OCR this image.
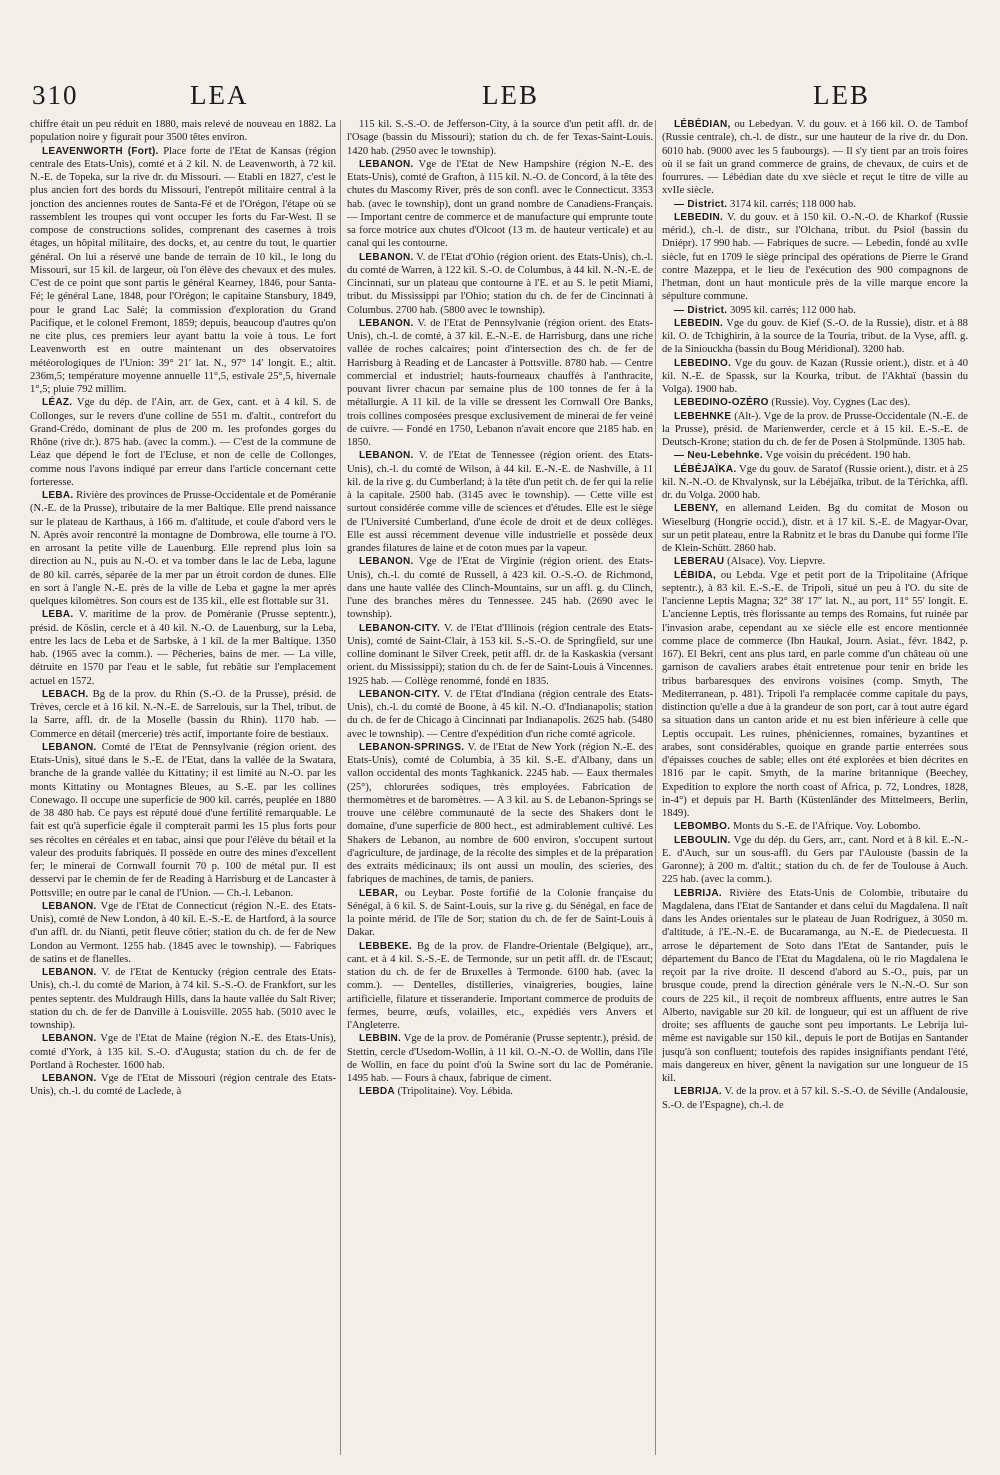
310	LEA	LEB	LEB

chiffre était un peu réduit en 1880, mais relevé de nouveau en 1882. La population noire y figurait pour 3500 têtes environ.

LEAVENWORTH (Fort). Place forte de l'Etat de Kansas (région centrale des Etats-Unis), comté et à 2 kil. N. de Leavenworth, à 72 kil. N.-E. de Topeka, sur la rive dr. du Missouri. — Etabli en 1827, c'est le plus ancien fort des bords du Missouri, l'entrepôt militaire central à la jonction des anciennes routes de Santa-Fé et de l'Orégon, l'étape où se rassemblent les troupes qui vont occuper les forts du Far-West. Il se compose de constructions solides, comprenant des casernes à trois étages, un hôpital militaire, des docks, et, au centre du tout, le quartier général. On lui a réservé une bande de terrain de 10 kil., le long du Missouri, sur 15 kil. de largeur, où l'on élève des chevaux et des mules. C'est de ce point que sont partis le général Kearney, 1846, pour Santa-Fé; le général Lane, 1848, pour l'Orégon; le capitaine Stansbury, 1849, pour le grand Lac Salé; la commission d'exploration du Grand Pacifique, et le colonel Fremont, 1859; depuis, beaucoup d'autres qu'on ne cite plus, ces premiers leur ayant battu la voie à tous. Le fort Leavenworth est en outre maintenant un des observatoires météorologiques de l'Union: 39° 21′ lat. N., 97° 14′ longit. E.; altit. 236m,5; température moyenne annuelle 11°,5, estivale 25°,5, hivernale 1°,5; pluie 792 millim.

LÉAZ. Vge du dép. de l'Ain, arr. de Gex, cant. et à 4 kil. S. de Collonges, sur le revers d'une colline de 551 m. d'altit., contrefort du Grand-Crédo, dominant de plus de 200 m. les profondes gorges du Rhône (rive dr.). 875 hab. (avec la comm.). — C'est de la commune de Léaz que dépend le fort de l'Ecluse, et non de celle de Collonges, comme nous l'avons indiqué par erreur dans l'article concernant cette forteresse.

LEBA. Rivière des provinces de Prusse-Occidentale et de Poméranie (N.-E. de la Prusse), tributaire de la mer Baltique. Elle prend naissance sur le plateau de Karthaus, à 166 m. d'altitude, et coule d'abord vers le N. Après avoir rencontré la montagne de Dombrowa, elle tourne à l'O. en arrosant la petite ville de Lauenburg. Elle reprend plus loin sa direction au N., puis au N.-O. et va tomber dans le lac de Leba, lagune de 80 kil. carrés, séparée de la mer par un étroit cordon de dunes. Elle en sort à l'angle N.-E. près de la ville de Leba et gagne la mer après quelques kilomètres. Son cours est de 135 kil., elle est flottable sur 31.

LEBA. V. maritime de la prov. de Poméranie (Prusse septentr.), présid. de Köslin, cercle et à 40 kil. N.-O. de Lauenburg, sur la Leba, entre les lacs de Leba et de Sarbske, à 1 kil. de la mer Baltique. 1350 hab. (1965 avec la comm.). — Pêcheries, bains de mer. — La ville, détruite en 1570 par l'eau et le sable, fut rebâtie sur l'emplacement actuel en 1572.

LEBACH. Bg de la prov. du Rhin (S.-O. de la Prusse), présid. de Trèves, cercle et à 16 kil. N.-N.-E. de Sarrelouis, sur la Thel, tribut. de la Sarre, affl. dr. de la Moselle (bassin du Rhin). 1170 hab. — Commerce en détail (mercerie) très actif, importante foire de bestiaux.

LEBANON. Comté de l'Etat de Pennsylvanie (région orient. des Etats-Unis), situé dans le S.-E. de l'Etat, dans la vallée de la Swatara, branche de la grande vallée du Kittatiny; il est limité au N.-O. par les monts Kittatiny ou Montagnes Bleues, au S.-E. par les collines Conewago. Il occupe une superficie de 900 kil. carrés, peuplée en 1880 de 38 480 hab. Ce pays est réputé doué d'une fertilité remarquable. Le fait est qu'à superficie égale il compterait parmi les 15 plus forts pour ses récoltes en céréales et en tabac, ainsi que pour l'élève du bétail et la valeur des produits fabriqués. Il possède en outre des mines d'excellent fer; le minerai de Cornwall fournit 70 p. 100 de métal pur. Il est desservi par le chemin de fer de Reading à Harrisburg et de Lancaster à Pottsville; en outre par le canal de l'Union. — Ch.-l. Lebanon.

LEBANON. Vge de l'Etat de Connecticut (région N.-E. des Etats-Unis), comté de New London, à 40 kil. E.-S.-E. de Hartford, à la source d'un affl. dr. du Nianti, petit fleuve côtier; station du ch. de fer de New London au Vermont. 1255 hab. (1845 avec le township). — Fabriques de satins et de flanelles.

LEBANON. V. de l'Etat de Kentucky (région centrale des Etats-Unis), ch.-l. du comté de Marion, à 74 kil. S.-S.-O. de Frankfort, sur les pentes septentr. des Muldraugh Hills, dans la haute vallée du Salt River; station du ch. de fer de Danville à Louisville. 2055 hab. (5010 avec le township).

LEBANON. Vge de l'Etat de Maine (région N.-E. des Etats-Unis), comté d'York, à 135 kil. S.-O. d'Augusta; station du ch. de fer de Portland à Rochester. 1600 hab.

LEBANON. Vge de l'Etat de Missouri (région centrale des Etats-Unis), ch.-l. du comté de Laclede, à

115 kil. S.-S.-O. de Jefferson-City, à la source d'un petit affl. dr. de l'Osage (bassin du Missouri); station du ch. de fer Texas-Saint-Louis. 1420 hab. (2950 avec le township).

LEBANON. Vge de l'Etat de New Hampshire (région N.-E. des Etats-Unis), comté de Grafton, à 115 kil. N.-O. de Concord, à la tête des chutes du Mascomy River, près de son confl. avec le Connecticut. 3353 hab. (avec le township), dont un grand nombre de Canadiens-Français. — Important centre de commerce et de manufacture qui emprunte toute sa force motrice aux chutes d'Olcoot (13 m. de hauteur verticale) et au canal qui les contourne.

LEBANON. V. de l'Etat d'Ohio (région orient. des Etats-Unis), ch.-l. du comté de Warren, à 122 kil. S.-O. de Columbus, à 44 kil. N.-N.-E. de Cincinnati, sur un plateau que contourne à l'E. et au S. le petit Miami, tribut. du Mississippi par l'Ohio; station du ch. de fer de Cincinnati à Columbus. 2700 hab. (5800 avec le township).

LEBANON. V. de l'Etat de Pennsylvanie (région orient. des Etats-Unis), ch.-l. de comté, à 37 kil. E.-N.-E. de Harrisburg, dans une riche vallée de roches calcaires; point d'intersection des ch. de fer de Harrisburg à Reading et de Lancaster à Pottsville. 8780 hab. — Centre commercial et industriel; hauts-fourneaux chauffés à l'anthracite, pouvant livrer chacun par semaine plus de 100 tonnes de fer à la métallurgie. A 11 kil. de la ville se dressent les Cornwall Ore Banks, trois collines composées presque exclusivement de minerai de fer veiné de cuivre. — Fondé en 1750, Lebanon n'avait encore que 2185 hab. en 1850.

LEBANON. V. de l'Etat de Tennessee (région orient. des Etats-Unis), ch.-l. du comté de Wilson, à 44 kil. E.-N.-E. de Nashville, à 11 kil. de la rive g. du Cumberland; à la tête d'un petit ch. de fer qui la relie à la capitale. 2500 hab. (3145 avec le township). — Cette ville est surtout considérée comme ville de sciences et d'études. Elle est le siège de l'Université Cumberland, d'une école de droit et de deux collèges. Elle est aussi récemment devenue ville industrielle et possède deux grandes filatures de laine et de coton mues par la vapeur.

LEBANON. Vge de l'Etat de Virginie (région orient. des Etats-Unis), ch.-l. du comté de Russell, à 423 kil. O.-S.-O. de Richmond, dans une haute vallée des Clinch-Mountains, sur un affl. g. du Clinch, l'une des branches mères du Tennessee. 245 hab. (2690 avec le township).

LEBANON-CITY. V. de l'Etat d'Illinois (région centrale des Etats-Unis), comté de Saint-Clair, à 153 kil. S.-S.-O. de Springfield, sur une colline dominant le Silver Creek, petit affl. dr. de la Kaskaskia (versant orient. du Mississippi); station du ch. de fer de Saint-Louis à Vincennes. 1925 hab. — Collège renommé, fondé en 1835.

LEBANON-CITY. V. de l'Etat d'Indiana (région centrale des Etats-Unis), ch.-l. du comté de Boone, à 45 kil. N.-O. d'Indianapolis; station du ch. de fer de Chicago à Cincinnati par Indianapolis. 2625 hab. (5480 avec le township). — Centre d'expédition d'un riche comté agricole.

LEBANON-SPRINGS. V. de l'Etat de New York (région N.-E. des Etats-Unis), comté de Columbia, à 35 kil. S.-E. d'Albany, dans un vallon occidental des monts Taghkanick. 2245 hab. — Eaux thermales (25°), chlorurées sodiques, très employées. Fabrication de thermomètres et de baromètres. — A 3 kil. au S. de Lebanon-Springs se trouve une célèbre communauté de la secte des Shakers dont le domaine, d'une superficie de 800 hect., est admirablement cultivé. Les Shakers de Lebanon, au nombre de 600 environ, s'occupent surtout d'agriculture, de jardinage, de la récolte des simples et de la préparation des extraits médicinaux; ils ont aussi un moulin, des scieries, des fabriques de machines, de tamis, de paniers.

LEBAR, ou Leybar. Poste fortifié de la Colonie française du Sénégal, à 6 kil. S. de Saint-Louis, sur la rive g. du Sénégal, en face de la pointe mérid. de l'île de Sor; station du ch. de fer de Saint-Louis à Dakar.

LEBBEKE. Bg de la prov. de Flandre-Orientale (Belgique), arr., cant. et à 4 kil. S.-S.-E. de Termonde, sur un petit affl. dr. de l'Escaut; station du ch. de fer de Bruxelles à Termonde. 6100 hab. (avec la comm.). — Dentelles, distilleries, vinaigreries, bougies, laine artificielle, filature et tisseranderie. Important commerce de produits de fermes, beurre, œufs, volailles, etc., expédiés vers Anvers et l'Angleterre.

LEBBIN. Vge de la prov. de Poméranie (Prusse septentr.), présid. de Stettin, cercle d'Usedom-Wollin, à 11 kil. O.-N.-O. de Wollin, dans l'île de Wollin, en face du point d'où la Swine sort du lac de Poméranie. 1495 hab. — Fours à chaux, fabrique de ciment.

LEBDA (Tripolitaine). Voy. Lébida.

LÉBÉDIAN, ou Lebedyan. V. du gouv. et à 166 kil. O. de Tambof (Russie centrale), ch.-l. de distr., sur une hauteur de la rive dr. du Don. 6010 hab. (9000 avec les 5 faubourgs). — Il s'y tient par an trois foires où il se fait un grand commerce de grains, de chevaux, de cuirs et de fourrures. — Lébédian date du xve siècle et reçut le titre de ville au xvIIe siècle.

— District. 3174 kil. carrés; 118 000 hab.

LEBEDIN. V. du gouv. et à 150 kil. O.-N.-O. de Kharkof (Russie mérid.), ch.-l. de distr., sur l'Olchana, tribut. du Psiol (bassin du Dniépr). 17 990 hab. — Fabriques de sucre. — Lebedin, fondé au xvIIe siècle, fut en 1709 le siège principal des opérations de Pierre le Grand contre Mazeppa, et le lieu de l'exécution des 900 compagnons de l'hetman, dont un haut monticule près de la ville marque encore la sépulture commune.

— District. 3095 kil. carrés; 112 000 hab.

LEBEDIN. Vge du gouv. de Kief (S.-O. de la Russie), distr. et à 88 kil. O. de Tchighirin, à la source de la Touria, tribut. de la Vyse, affl. g. de la Siniouckha (bassin du Boug Méridional). 3200 hab.

LEBEDINO. Vge du gouv. de Kazan (Russie orient.), distr. et à 40 kil. N.-E. de Spassk, sur la Kourka, tribut. de l'Akhtaï (bassin du Volga). 1900 hab.

LEBEDINO-OZÉRO (Russie). Voy. Cygnes (Lac des).

LEBEHNKE (Alt-). Vge de la prov. de Prusse-Occidentale (N.-E. de la Prusse), présid. de Marienwerder, cercle et à 15 kil. E.-S.-E. de Deutsch-Krone; station du ch. de fer de Posen à Stolpmünde. 1305 hab.

— Neu-Lebehnke. Vge voisin du précédent. 190 hab.

LÉBÉJAÏKA. Vge du gouv. de Saratof (Russie orient.), distr. et à 25 kil. N.-N.-O. de Khvalynsk, sur la Lébéjaïka, tribut. de la Térichka, affl. dr. du Volga. 2000 hab.

LEBENY, en allemand Leiden. Bg du comitat de Moson ou Wieselburg (Hongrie occid.), distr. et à 17 kil. S.-E. de Magyar-Ovar, sur un petit plateau, entre la Rabnitz et le bras du Danube qui forme l'île de Klein-Schütt. 2860 hab.

LEBERAU (Alsace). Voy. Liepvre.

LÉBIDA, ou Lebda. Vge et petit port de la Tripolitaine (Afrique septentr.), à 83 kil. E.-S.-E. de Tripoli, situé un peu à l'O. du site de l'ancienne Leptis Magna; 32° 38′ 17″ lat. N., au port, 11° 55′ longit. E. L'ancienne Leptis, très florissante au temps des Romains, fut ruinée par l'invasion arabe, cependant au xe siècle elle est encore mentionnée comme place de commerce (Ibn Haukal, Journ. Asiat., févr. 1842, p. 167). El Bekri, cent ans plus tard, en parle comme d'un château où une garnison de cavaliers arabes était entretenue pour tenir en bride les tribus barbaresques des environs voisines (comp. Smyth, The Mediterranean, p. 481). Tripoli l'a remplacée comme capitale du pays, distinction qu'elle a due à la grandeur de son port, car à tout autre égard sa situation dans un canton aride et nu est bien inférieure à celle que Leptis occupait. Les ruines, phéniciennes, romaines, byzantines et arabes, sont considérables, quoique en grande partie enterrées sous d'épaisses couches de sable; elles ont été explorées et bien décrites en 1816 par le capit. Smyth, de la marine britannique (Beechey, Expedition to explore the north coast of Africa, p. 72, Londres, 1828, in-4°) et depuis par H. Barth (Küstenländer des Mittelmeers, Berlin, 1849).

LEBOMBO. Monts du S.-E. de l'Afrique. Voy. Lobombo.

LEBOULIN. Vge du dép. du Gers, arr., cant. Nord et à 8 kil. E.-N.-E. d'Auch, sur un sous-affl. du Gers par l'Aulouste (bassin de la Garonne); à 200 m. d'altit.; station du ch. de fer de Toulouse à Auch. 225 hab. (avec la comm.).

LEBRIJA. Rivière des Etats-Unis de Colombie, tributaire du Magdalena, dans l'Etat de Santander et dans celui du Magdalena. Il naît dans les Andes orientales sur le plateau de Juan Rodriguez, à 3050 m. d'altitude, à l'E.-N.-E. de Bucaramanga, au N.-E. de Piedecuesta. Il arrose le département de Soto dans l'Etat de Santander, puis le département du Banco de l'Etat du Magdalena, où le rio Magdalena le reçoit par la rive droite. Il descend d'abord au S.-O., puis, par un brusque coude, prend la direction générale vers le N.-N.-O. Sur son cours de 225 kil., il reçoit de nombreux affluents, entre autres le San Alberto, navigable sur 20 kil. de longueur, qui est un affluent de rive droite; ses affluents de gauche sont peu importants. Le Lebrija lui-même est navigable sur 150 kil., depuis le port de Botijas en Santander jusqu'à son confluent; toutefois des rapides insignifiants pendant l'été, mais dangereux en hiver, gênent la navigation sur une longueur de 15 kil.

LEBRIJA. V. de la prov. et à 57 kil. S.-S.-O. de Séville (Andalousie, S.-O. de l'Espagne), ch.-l. de
